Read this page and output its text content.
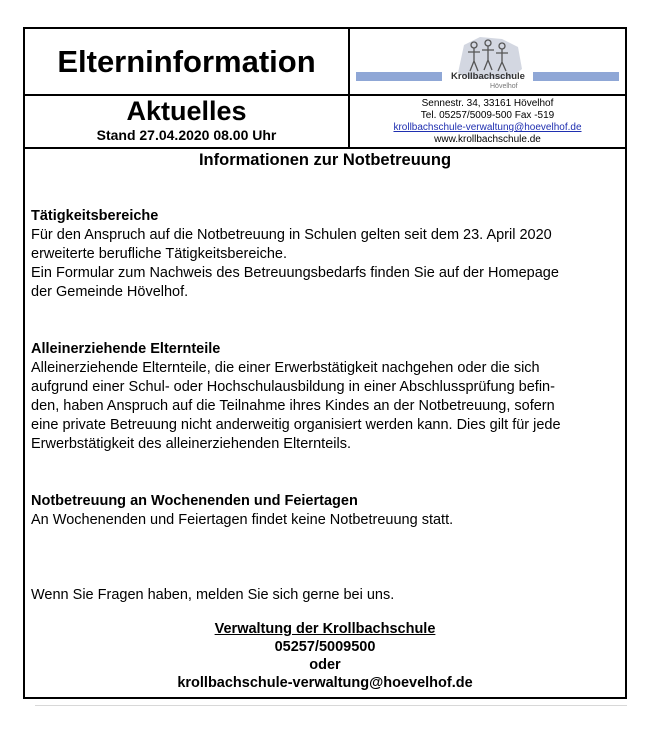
Elterninformation	Krollbachschule
Hövelhof
Aktuelles
Stand 27.04.2020 08.00 Uhr
Sennestr. 34, 33161 Hövelhof
Tel. 05257/5009-500 Fax -519
krollbachschule-verwaltung@hoevelhof.de
www.krollbachschule.de
Informationen zur Notbetreuung
Tätigkeitsbereiche

Für den Anspruch auf die Notbetreuung in Schulen gelten seit dem 23. April 2020

erweiterte berufliche Tätigkeitsbereiche.

Ein Formular zum Nachweis des Betreuungsbedarfs finden Sie auf der Homepage

der Gemeinde Hövelhof.

Alleinerziehende Elternteile

Alleinerziehende Elternteile, die einer Erwerbstätigkeit nachgehen oder die sich

aufgrund einer Schul- oder Hochschulausbildung in einer Abschlussprüfung befin-

den, haben Anspruch auf die Teilnahme ihres Kindes an der Notbetreuung, sofern

eine private Betreuung nicht anderweitig organisiert werden kann. Dies gilt für jede

Erwerbstätigkeit des alleinerziehenden Elternteils.

Notbetreuung an Wochenenden und Feiertagen

An Wochenenden und Feiertagen findet keine Notbetreuung statt.

Wenn Sie Fragen haben, melden Sie sich gerne bei uns.

Verwaltung der Krollbachschule
05257/5009500
oder
krollbachschule-verwaltung@hoevelhof.de
